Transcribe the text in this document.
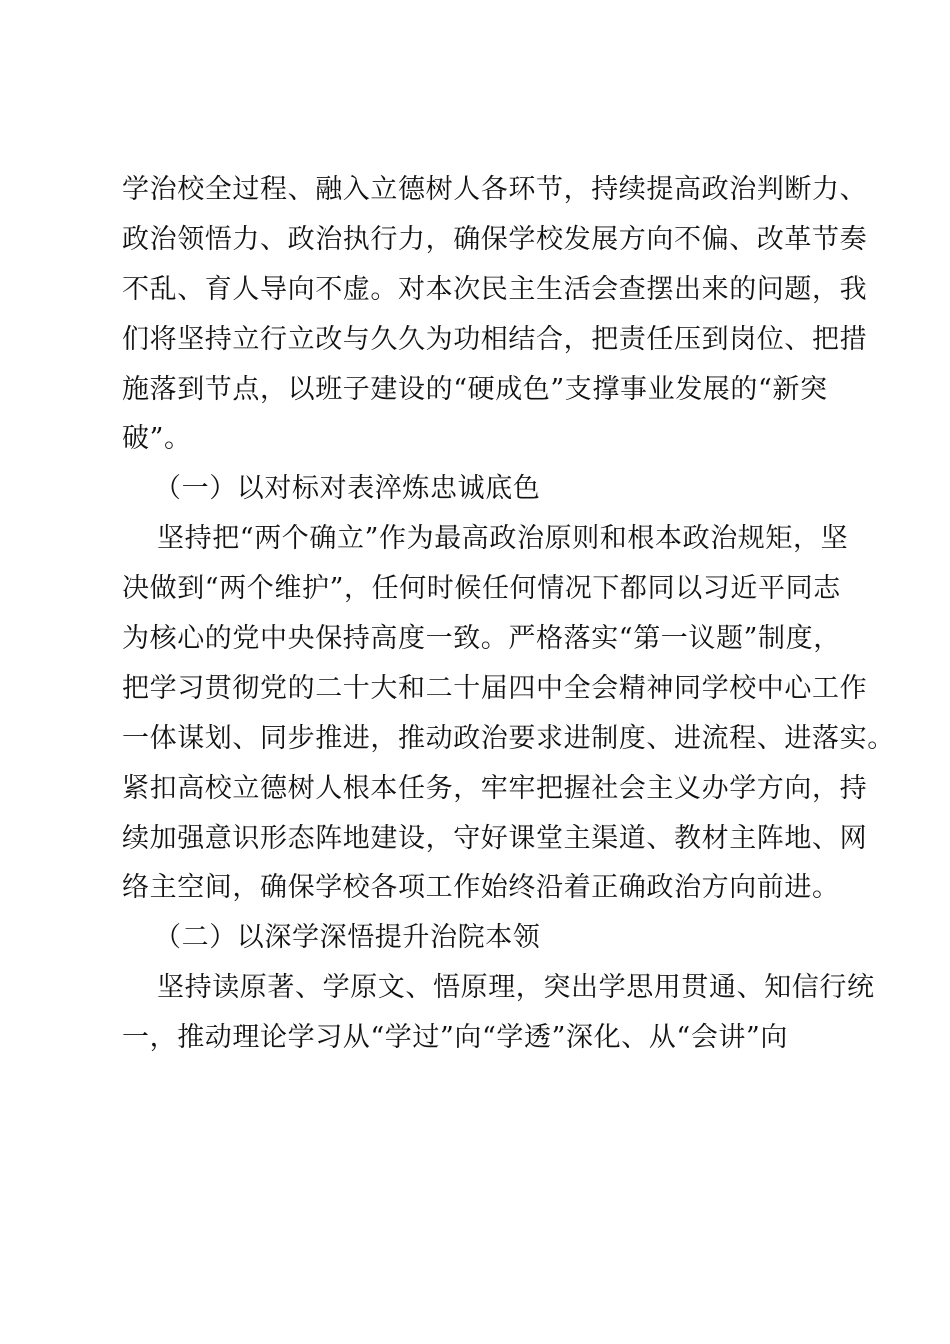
学治校全过程、融入立德树人各环节，持续提高政治判断力、
政治领悟力、政治执行力，确保学校发展方向不偏、改革节奏
不乱、育人导向不虚。对本次民主生活会查摆出来的问题，我
们将坚持立行立改与久久为功相结合，把责任压到岗位、把措
施落到节点，以班子建设的“硬成色”支撑事业发展的“新突
破”。
（一）以对标对表淬炼忠诚底色
坚持把“两个确立”作为最高政治原则和根本政治规矩，坚
决做到“两个维护”，任何时候任何情况下都同以习近平同志
为核心的党中央保持高度一致。严格落实“第一议题”制度，
把学习贯彻党的二十大和二十届四中全会精神同学校中心工作
一体谋划、同步推进，推动政治要求进制度、进流程、进落实。
紧扣高校立德树人根本任务，牢牢把握社会主义办学方向，持
续加强意识形态阵地建设，守好课堂主渠道、教材主阵地、网
络主空间，确保学校各项工作始终沿着正确政治方向前进。
（二）以深学深悟提升治院本领
坚持读原著、学原文、悟原理，突出学思用贯通、知信行统
一，推动理论学习从“学过”向“学透”深化、从“会讲”向
